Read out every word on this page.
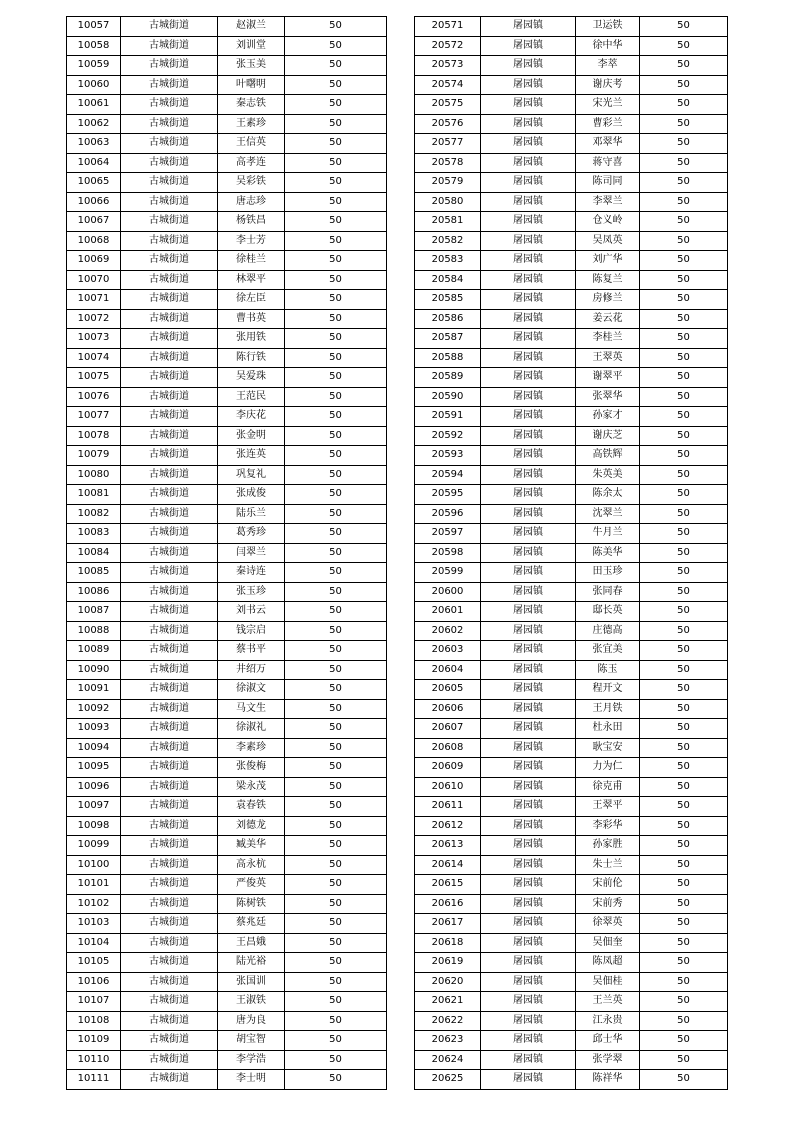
10057	古城街道	赵淑兰	50
10058	古城街道	刘训堂	50
10059	古城街道	张玉美	50
10060	古城街道	叶曙明	50
10061	古城街道	秦志铁	50
10062	古城街道	王素珍	50
10063	古城街道	王信英	50
10064	古城街道	高孝连	50
10065	古城街道	吴彩铁	50
10066	古城街道	唐志珍	50
10067	古城街道	杨铁昌	50
10068	古城街道	李士芳	50
10069	古城街道	徐桂兰	50
10070	古城街道	林翠平	50
10071	古城街道	徐左臣	50
10072	古城街道	曹书英	50
10073	古城街道	张用铁	50
10074	古城街道	陈行铁	50
10075	古城街道	吴爱珠	50
10076	古城街道	王范民	50
10077	古城街道	李庆花	50
10078	古城街道	张金明	50
10079	古城街道	张连英	50
10080	古城街道	巩复礼	50
10081	古城街道	张成俊	50
10082	古城街道	陆乐兰	50
10083	古城街道	葛秀珍	50
10084	古城街道	闫翠兰	50
10085	古城街道	秦诗连	50
10086	古城街道	张玉珍	50
10087	古城街道	刘书云	50
10088	古城街道	钱宗启	50
10089	古城街道	蔡书平	50
10090	古城街道	井绍万	50
10091	古城街道	徐淑文	50
10092	古城街道	马文生	50
10093	古城街道	徐淑礼	50
10094	古城街道	李素珍	50
10095	古城街道	张俊梅	50
10096	古城街道	梁永茂	50
10097	古城街道	袁春铁	50
10098	古城街道	刘德龙	50
10099	古城街道	臧美华	50
10100	古城街道	高永杭	50
10101	古城街道	严俊英	50
10102	古城街道	陈树铁	50
10103	古城街道	蔡兆廷	50
10104	古城街道	王昌娥	50
10105	古城街道	陆光裕	50
10106	古城街道	张国训	50
10107	古城街道	王淑铁	50
10108	古城街道	唐为良	50
10109	古城街道	胡宝智	50
10110	古城街道	李学浩	50
10111	古城街道	李士明	50
20571	屠园镇	卫运铁	50
20572	屠园镇	徐中华	50
20573	屠园镇	李萃	50
20574	屠园镇	谢庆考	50
20575	屠园镇	宋光兰	50
20576	屠园镇	曹彩兰	50
20577	屠园镇	邓翠华	50
20578	屠园镇	蒋守喜	50
20579	屠园镇	陈司同	50
20580	屠园镇	李翠兰	50
20581	屠园镇	仓义岭	50
20582	屠园镇	吴凤英	50
20583	屠园镇	刘广华	50
20584	屠园镇	陈复兰	50
20585	屠园镇	房修兰	50
20586	屠园镇	姜云花	50
20587	屠园镇	李桂兰	50
20588	屠园镇	王翠英	50
20589	屠园镇	谢翠平	50
20590	屠园镇	张翠华	50
20591	屠园镇	孙家才	50
20592	屠园镇	谢庆芝	50
20593	屠园镇	高铁辉	50
20594	屠园镇	朱英美	50
20595	屠园镇	陈余太	50
20596	屠园镇	沈翠兰	50
20597	屠园镇	牛月兰	50
20598	屠园镇	陈美华	50
20599	屠园镇	田玉珍	50
20600	屠园镇	张同春	50
20601	屠园镇	邸长英	50
20602	屠园镇	庄德高	50
20603	屠园镇	张宜美	50
20604	屠园镇	陈玉	50
20605	屠园镇	程开文	50
20606	屠园镇	王月铁	50
20607	屠园镇	杜永田	50
20608	屠园镇	耿宝安	50
20609	屠园镇	力为仁	50
20610	屠园镇	徐克甫	50
20611	屠园镇	王翠平	50
20612	屠园镇	李彩华	50
20613	屠园镇	孙家胜	50
20614	屠园镇	朱士兰	50
20615	屠园镇	宋前伦	50
20616	屠园镇	宋前秀	50
20617	屠园镇	徐翠英	50
20618	屠园镇	吴佃奎	50
20619	屠园镇	陈凤超	50
20620	屠园镇	吴佃桂	50
20621	屠园镇	王兰英	50
20622	屠园镇	江永贵	50
20623	屠园镇	邱士华	50
20624	屠园镇	张学翠	50
20625	屠园镇	陈祥华	50
